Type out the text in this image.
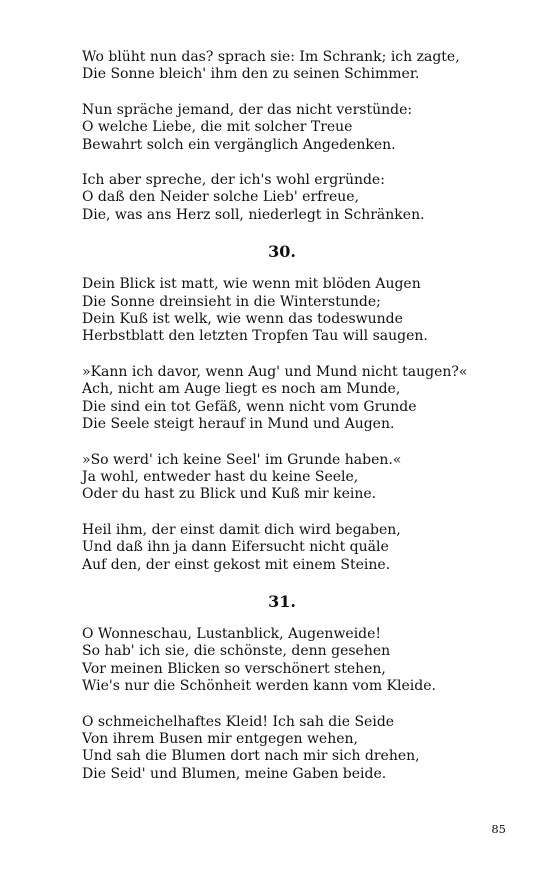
Wo blüht nun das? sprach sie: Im Schrank; ich zagte,
Die Sonne bleich' ihm den zu seinen Schimmer.
Nun spräche jemand, der das nicht verstünde:
O welche Liebe, die mit solcher Treue
Bewahrt solch ein vergänglich Angedenken.
Ich aber spreche, der ich's wohl ergründe:
O daß den Neider solche Lieb' erfreue,
Die, was ans Herz soll, niederlegt in Schränken.
30.
Dein Blick ist matt, wie wenn mit blöden Augen
Die Sonne dreinsieht in die Winterstunde;
Dein Kuß ist welk, wie wenn das todeswunde
Herbstblatt den letzten Tropfen Tau will saugen.
»Kann ich davor, wenn Aug' und Mund nicht taugen?«
Ach, nicht am Auge liegt es noch am Munde,
Die sind ein tot Gefäß, wenn nicht vom Grunde
Die Seele steigt herauf in Mund und Augen.
»So werd' ich keine Seel' im Grunde haben.«
Ja wohl, entweder hast du keine Seele,
Oder du hast zu Blick und Kuß mir keine.
Heil ihm, der einst damit dich wird begaben,
Und daß ihn ja dann Eifersucht nicht quäle
Auf den, der einst gekost mit einem Steine.
31.
O Wonneschau, Lustanblick, Augenweide!
So hab' ich sie, die schönste, denn gesehen
Vor meinen Blicken so verschönert stehen,
Wie's nur die Schönheit werden kann vom Kleide.
O schmeichelhaftes Kleid! Ich sah die Seide
Von ihrem Busen mir entgegen wehen,
Und sah die Blumen dort nach mir sich drehen,
Die Seid' und Blumen, meine Gaben beide.
85
